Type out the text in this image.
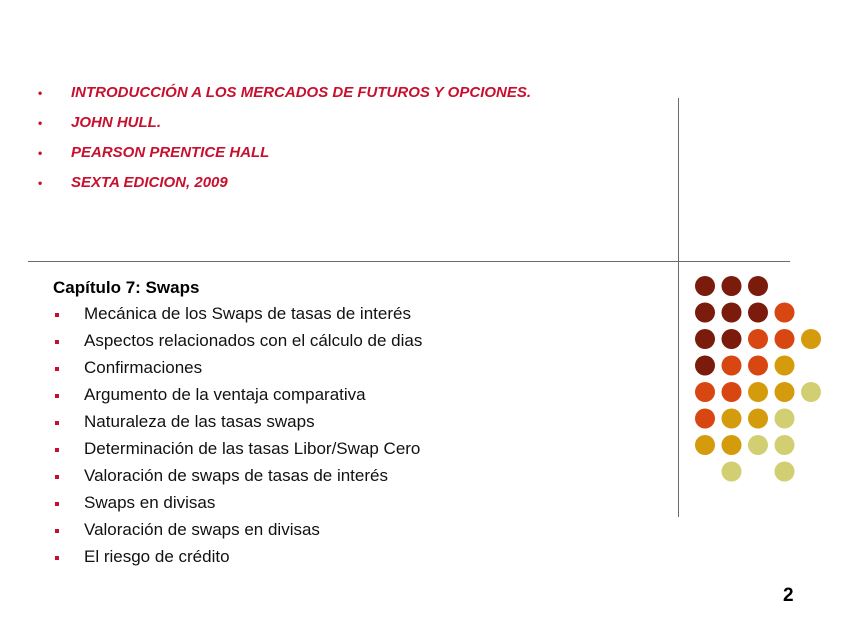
• INTRODUCCIÓN A LOS MERCADOS DE FUTUROS Y OPCIONES.
• JOHN HULL.
• PEARSON PRENTICE HALL
• SEXTA EDICION, 2009
Capítulo 7: Swaps
Mecánica de los Swaps de tasas de interés
Aspectos relacionados con el cálculo de dias
Confirmaciones
Argumento de la ventaja comparativa
Naturaleza de las tasas swaps
Determinación de las tasas Libor/Swap Cero
Valoración de swaps de tasas de interés
Swaps en divisas
Valoración de swaps en divisas
El riesgo de crédito
2
